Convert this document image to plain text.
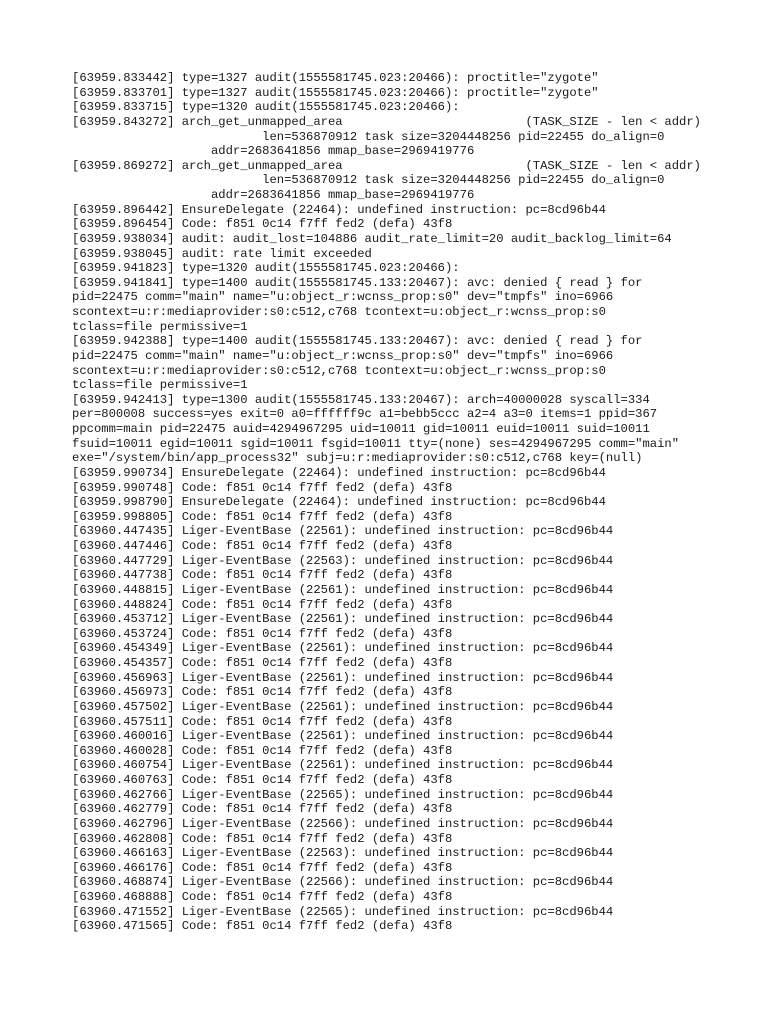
[63959.833442] type=1327 audit(1555581745.023:20466): proctitle="zygote"
[63959.833701] type=1327 audit(1555581745.023:20466): proctitle="zygote"
[63959.833715] type=1320 audit(1555581745.023:20466):
[63959.843272] arch_get_unmapped_area                         (TASK_SIZE - len < addr)
len=536870912 task size=3204448256 pid=22455 do_align=0
addr=2683641856 mmap_base=2969419776
[63959.869272] arch_get_unmapped_area                         (TASK_SIZE - len < addr)
len=536870912 task size=3204448256 pid=22455 do_align=0
addr=2683641856 mmap_base=2969419776
[63959.896442] EnsureDelegate (22464): undefined instruction: pc=8cd96b44
[63959.896454] Code: f851 0c14 f7ff fed2 (defa) 43f8
[63959.938034] audit: audit_lost=104886 audit_rate_limit=20 audit_backlog_limit=64
[63959.938045] audit: rate limit exceeded
[63959.941823] type=1320 audit(1555581745.023:20466):
[63959.941841] type=1400 audit(1555581745.133:20467): avc: denied { read } for
pid=22475 comm="main" name="u:object_r:wcnss_prop:s0" dev="tmpfs" ino=6966
scontext=u:r:mediaprovider:s0:c512,c768 tcontext=u:object_r:wcnss_prop:s0
tclass=file permissive=1
[63959.942388] type=1400 audit(1555581745.133:20467): avc: denied { read } for
pid=22475 comm="main" name="u:object_r:wcnss_prop:s0" dev="tmpfs" ino=6966
scontext=u:r:mediaprovider:s0:c512,c768 tcontext=u:object_r:wcnss_prop:s0
tclass=file permissive=1
[63959.942413] type=1300 audit(1555581745.133:20467): arch=40000028 syscall=334
per=800008 success=yes exit=0 a0=ffffff9c a1=bebb5ccc a2=4 a3=0 items=1 ppid=367
ppcomm=main pid=22475 auid=4294967295 uid=10011 gid=10011 euid=10011 suid=10011
fsuid=10011 egid=10011 sgid=10011 fsgid=10011 tty=(none) ses=4294967295 comm="main"
exe="/system/bin/app_process32" subj=u:r:mediaprovider:s0:c512,c768 key=(null)
[63959.990734] EnsureDelegate (22464): undefined instruction: pc=8cd96b44
[63959.990748] Code: f851 0c14 f7ff fed2 (defa) 43f8
[63959.998790] EnsureDelegate (22464): undefined instruction: pc=8cd96b44
[63959.998805] Code: f851 0c14 f7ff fed2 (defa) 43f8
[63960.447435] Liger-EventBase (22561): undefined instruction: pc=8cd96b44
[63960.447446] Code: f851 0c14 f7ff fed2 (defa) 43f8
[63960.447729] Liger-EventBase (22563): undefined instruction: pc=8cd96b44
[63960.447738] Code: f851 0c14 f7ff fed2 (defa) 43f8
[63960.448815] Liger-EventBase (22561): undefined instruction: pc=8cd96b44
[63960.448824] Code: f851 0c14 f7ff fed2 (defa) 43f8
[63960.453712] Liger-EventBase (22561): undefined instruction: pc=8cd96b44
[63960.453724] Code: f851 0c14 f7ff fed2 (defa) 43f8
[63960.454349] Liger-EventBase (22561): undefined instruction: pc=8cd96b44
[63960.454357] Code: f851 0c14 f7ff fed2 (defa) 43f8
[63960.456963] Liger-EventBase (22561): undefined instruction: pc=8cd96b44
[63960.456973] Code: f851 0c14 f7ff fed2 (defa) 43f8
[63960.457502] Liger-EventBase (22561): undefined instruction: pc=8cd96b44
[63960.457511] Code: f851 0c14 f7ff fed2 (defa) 43f8
[63960.460016] Liger-EventBase (22561): undefined instruction: pc=8cd96b44
[63960.460028] Code: f851 0c14 f7ff fed2 (defa) 43f8
[63960.460754] Liger-EventBase (22561): undefined instruction: pc=8cd96b44
[63960.460763] Code: f851 0c14 f7ff fed2 (defa) 43f8
[63960.462766] Liger-EventBase (22565): undefined instruction: pc=8cd96b44
[63960.462779] Code: f851 0c14 f7ff fed2 (defa) 43f8
[63960.462796] Liger-EventBase (22566): undefined instruction: pc=8cd96b44
[63960.462808] Code: f851 0c14 f7ff fed2 (defa) 43f8
[63960.466163] Liger-EventBase (22563): undefined instruction: pc=8cd96b44
[63960.466176] Code: f851 0c14 f7ff fed2 (defa) 43f8
[63960.468874] Liger-EventBase (22566): undefined instruction: pc=8cd96b44
[63960.468888] Code: f851 0c14 f7ff fed2 (defa) 43f8
[63960.471552] Liger-EventBase (22565): undefined instruction: pc=8cd96b44
[63960.471565] Code: f851 0c14 f7ff fed2 (defa) 43f8
